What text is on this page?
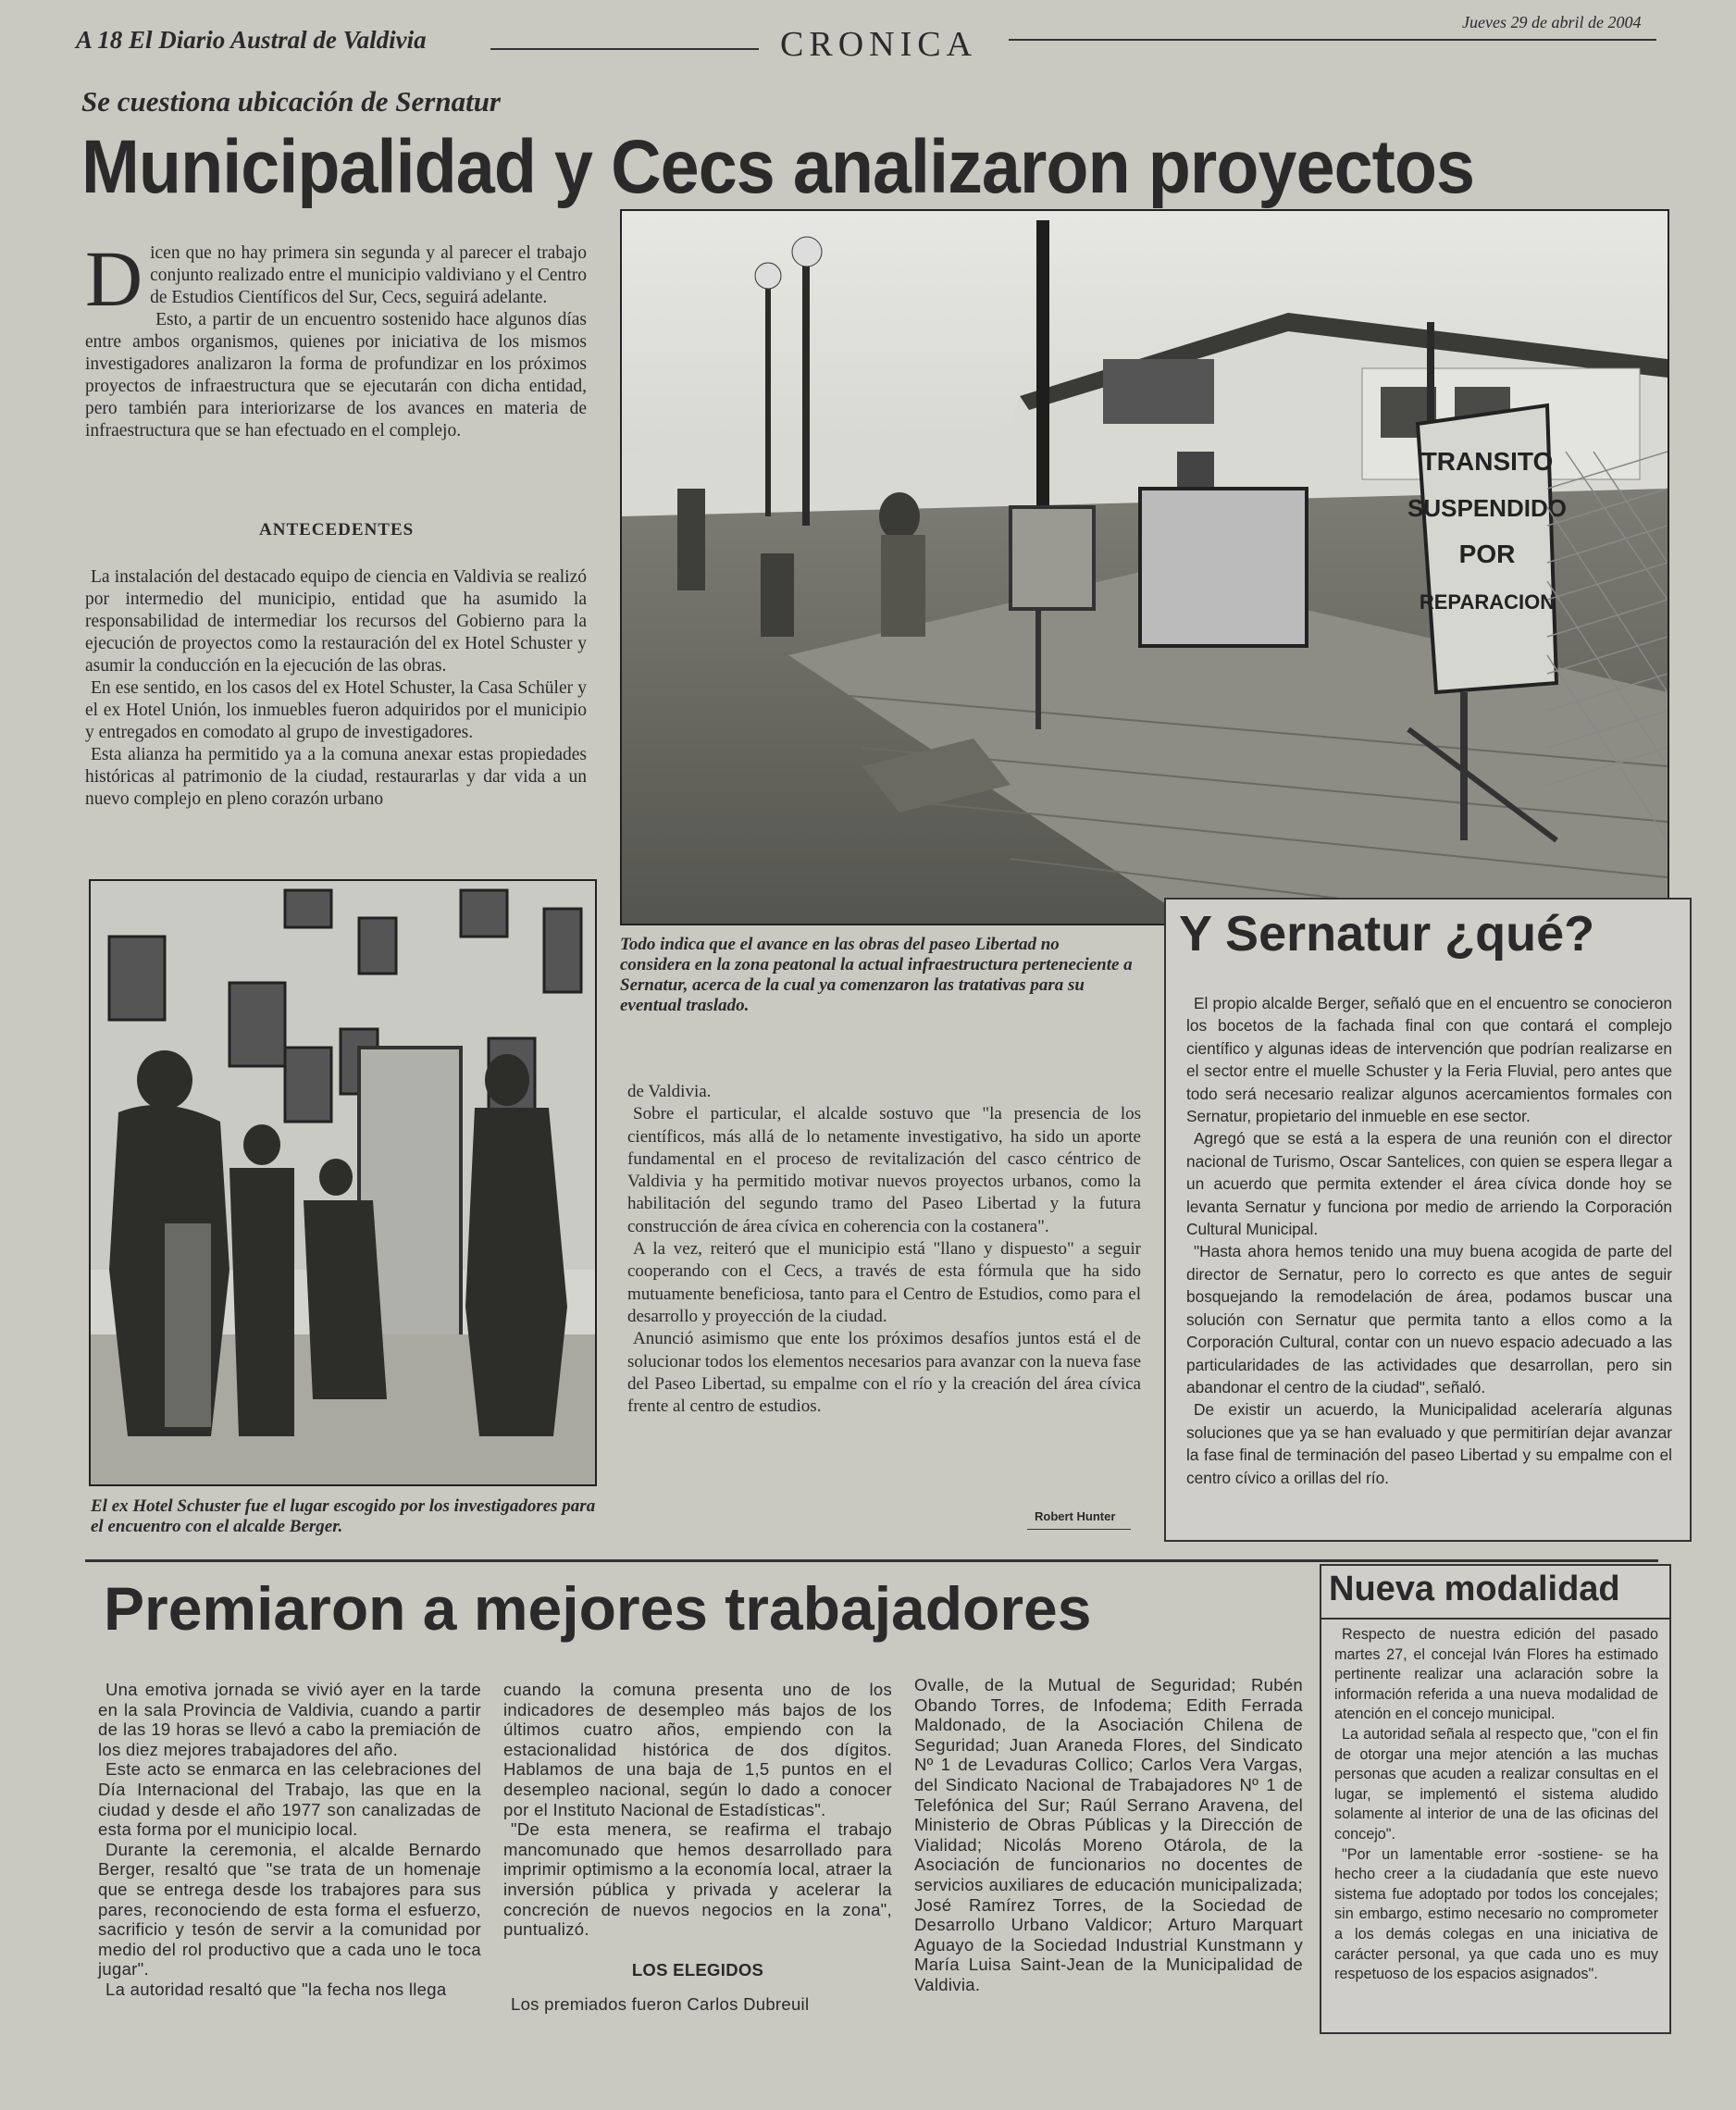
A 18 El Diario Austral de Valdivia	CRONICA
Jueves 29 de abril de 2004
Se cuestiona ubicación de Sernatur
Municipalidad y Cecs analizaron proyectos
D icen que no hay primera sin segunda y al parecer el trabajo conjunto realizado entre el municipio valdiviano y el Centro de Estudios Científicos del Sur, Cecs, seguirá adelante.

Esto, a partir de un encuentro sostenido hace algunos días entre ambos organismos, quienes por iniciativa de los mismos investigadores analizaron la forma de profundizar en los próximos proyectos de infraestructura que se ejecutarán con dicha entidad, pero también para interiorizarse de los avances en materia de infraestructura que se han efectuado en el complejo.

ANTECEDENTES

La instalación del destacado equipo de ciencia en Valdivia se realizó por intermedio del municipio, entidad que ha asumido la responsabilidad de intermediar los recursos del Gobierno para la ejecución de proyectos como la restauración del ex Hotel Schuster y asumir la conducción en la ejecución de las obras.

En ese sentido, en los casos del ex Hotel Schuster, la Casa Schüler y el ex Hotel Unión, los inmuebles fueron adquiridos por el municipio y entregados en comodato al grupo de investigadores.

Esta alianza ha permitido ya a la comuna anexar estas propiedades históricas al patrimonio de la ciudad, restaurarlas y dar vida a un nuevo complejo en pleno corazón urbano

TRANSITO
SUSPENDIDO
POR
REPARACION
Todo indica que el avance en las obras del paseo Libertad no considera en la zona peatonal la actual infraestructura perteneciente a Sernatur, acerca de la cual ya comenzaron las tratativas para su eventual traslado.
El ex Hotel Schuster fue el lugar escogido por los investigadores para el encuentro con el alcalde Berger.

de Valdivia.

Sobre el particular, el alcalde sostuvo que "la presencia de los científicos, más allá de lo netamente investigativo, ha sido un aporte fundamental en el proceso de revitalización del casco céntrico de Valdivia y ha permitido motivar nuevos proyectos urbanos, como la habilitación del segundo tramo del Paseo Libertad y la futura construcción de área cívica en coherencia con la costanera".

A la vez, reiteró que el municipio está "llano y dispuesto" a seguir cooperando con el Cecs, a través de esta fórmula que ha sido mutuamente beneficiosa, tanto para el Centro de Estudios, como para el desarrollo y proyección de la ciudad.

Anunció asimismo que ente los próximos desafíos juntos está el de solucionar todos los elementos necesarios para avanzar con la nueva fase del Paseo Libertad, su empalme con el río y la creación del área cívica frente al centro de estudios.

Robert Hunter
Y Sernatur ¿qué?

El propio alcalde Berger, señaló que en el encuentro se conocieron los bocetos de la fachada final con que contará el complejo científico y algunas ideas de intervención que podrían realizarse en el sector entre el muelle Schuster y la Feria Fluvial, pero antes que todo será necesario realizar algunos acercamientos formales con Sernatur, propietario del inmueble en ese sector.

Agregó que se está a la espera de una reunión con el director nacional de Turismo, Oscar Santelices, con quien se espera llegar a un acuerdo que permita extender el área cívica donde hoy se levanta Sernatur y funciona por medio de arriendo la Corporación Cultural Municipal.

"Hasta ahora hemos tenido una muy buena acogida de parte del director de Sernatur, pero lo correcto es que antes de seguir bosquejando la remodelación de área, podamos buscar una solución con Sernatur que permita tanto a ellos como a la Corporación Cultural, contar con un nuevo espacio adecuado a las particularidades de las actividades que desarrollan, pero sin abandonar el centro de la ciudad", señaló.

De existir un acuerdo, la Municipalidad aceleraría algunas soluciones que ya se han evaluado y que permitirían dejar avanzar la fase final de terminación del paseo Libertad y su empalme con el centro cívico a orillas del río.

Premiaron a mejores trabajadores

Una emotiva jornada se vivió ayer en la tarde en la sala Provincia de Valdivia, cuando a partir de las 19 horas se llevó a cabo la premiación de los diez mejores trabajadores del año.

Este acto se enmarca en las celebraciones del Día Internacional del Trabajo, las que en la ciudad y desde el año 1977 son canalizadas de esta forma por el municipio local.

Durante la ceremonia, el alcalde Bernardo Berger, resaltó que "se trata de un homenaje que se entrega desde los trabajores para sus pares, reconociendo de esta forma el esfuerzo, sacrificio y tesón de servir a la comunidad por medio del rol productivo que a cada uno le toca jugar".

La autoridad resaltó que "la fecha nos llega

cuando la comuna presenta uno de los indicadores de desempleo más bajos de los últimos cuatro años, empiendo con la estacionalidad histórica de dos dígitos. Hablamos de una baja de 1,5 puntos en el desempleo nacional, según lo dado a conocer por el Instituto Nacional de Estadísticas".

"De esta menera, se reafirma el trabajo mancomunado que hemos desarrollado para imprimir optimismo a la economía local, atraer la inversión pública y privada y acelerar la concreción de nuevos negocios en la zona", puntualizó.

LOS ELEGIDOS

Los premiados fueron Carlos Dubreuil

Ovalle, de la Mutual de Seguridad; Rubén Obando Torres, de Infodema; Edith Ferrada Maldonado, de la Asociación Chilena de Seguridad; Juan Araneda Flores, del Sindicato Nº 1 de Levaduras Collico; Carlos Vera Vargas, del Sindicato Nacional de Trabajadores Nº 1 de Telefónica del Sur; Raúl Serrano Aravena, del Ministerio de Obras Públicas y la Dirección de Vialidad; Nicolás Moreno Otárola, de la Asociación de funcionarios no docentes de servicios auxiliares de educación municipalizada; José Ramírez Torres, de la Sociedad de Desarrollo Urbano Valdicor; Arturo Marquart Aguayo de la Sociedad Industrial Kunstmann y María Luisa Saint-Jean de la Municipalidad de Valdivia.

Nueva modalidad

Respecto de nuestra edición del pasado martes 27, el concejal Iván Flores ha estimado pertinente realizar una aclaración sobre la información referida a una nueva modalidad de atención en el concejo municipal.

La autoridad señala al respecto que, "con el fin de otorgar una mejor atención a las muchas personas que acuden a realizar consultas en el lugar, se implementó el sistema aludido solamente al interior de una de las oficinas del concejo".

"Por un lamentable error -sostiene- se ha hecho creer a la ciudadanía que este nuevo sistema fue adoptado por todos los concejales; sin embargo, estimo necesario no comprometer a los demás colegas en una iniciativa de carácter personal, ya que cada uno es muy respetuoso de los espacios asignados".
